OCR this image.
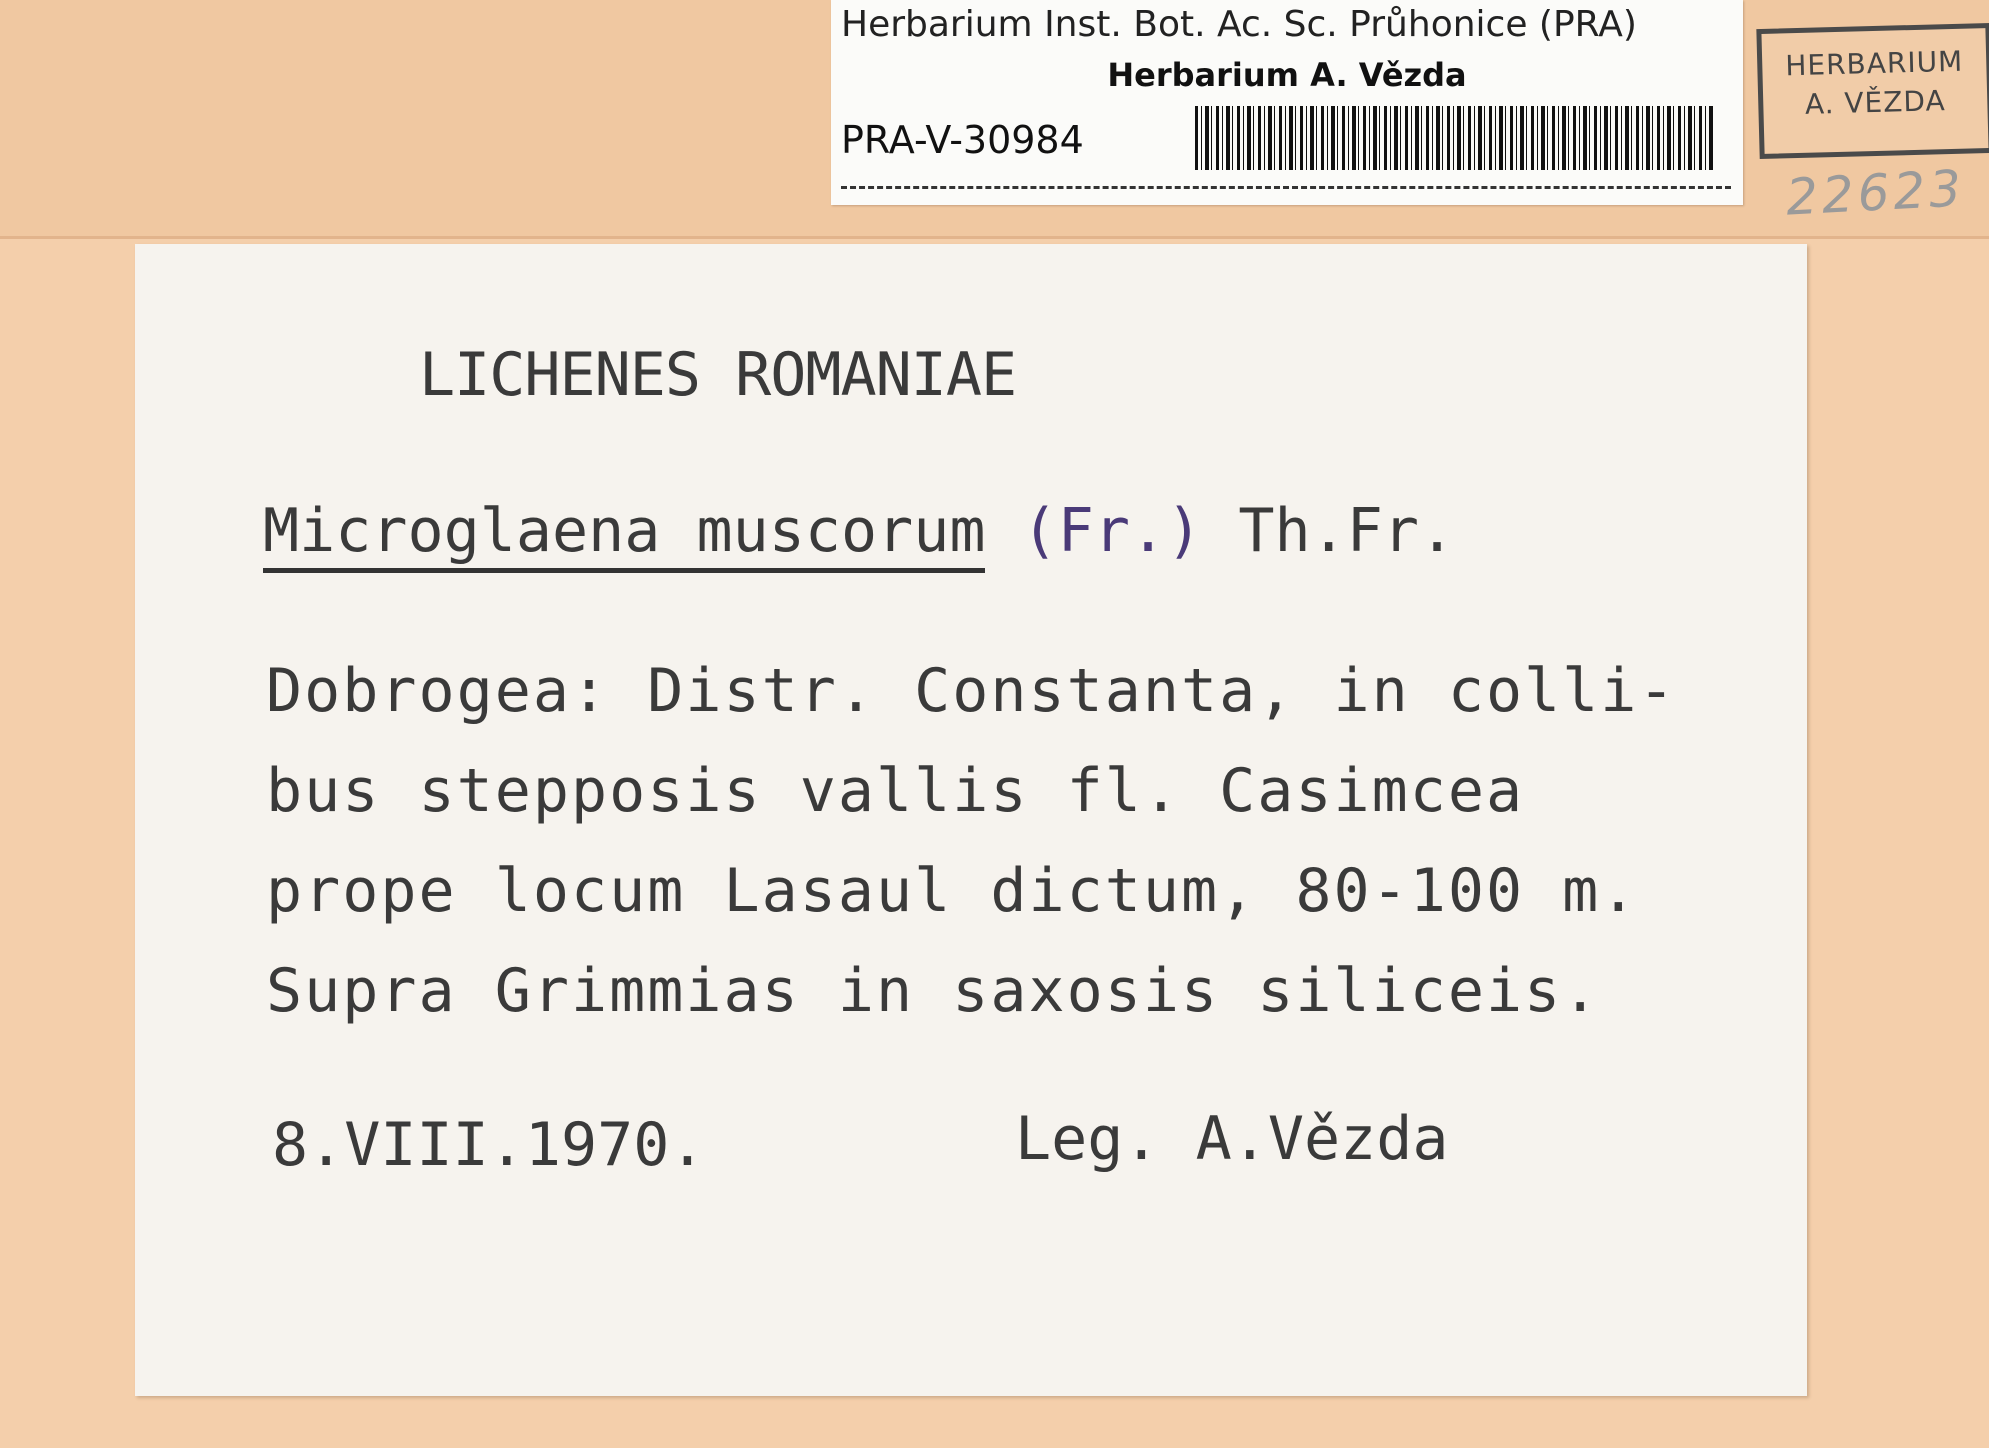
Herbarium Inst. Bot. Ac. Sc. Průhonice (PRA)
Herbarium A. Vězda
PRA-V-30984
HERBARIUM
A. VĚZDA
22623
LICHENES ROMANIAE
Microglaena muscorum (Fr.) Th.Fr.
Dobrogea: Distr. Constanta, in colli-
bus stepposis vallis fl. Casimcea
prope locum Lasaul dictum, 80-100 m.
Supra Grimmias in saxosis siliceis.
8.VIII.1970.	Leg. A.Vězda
